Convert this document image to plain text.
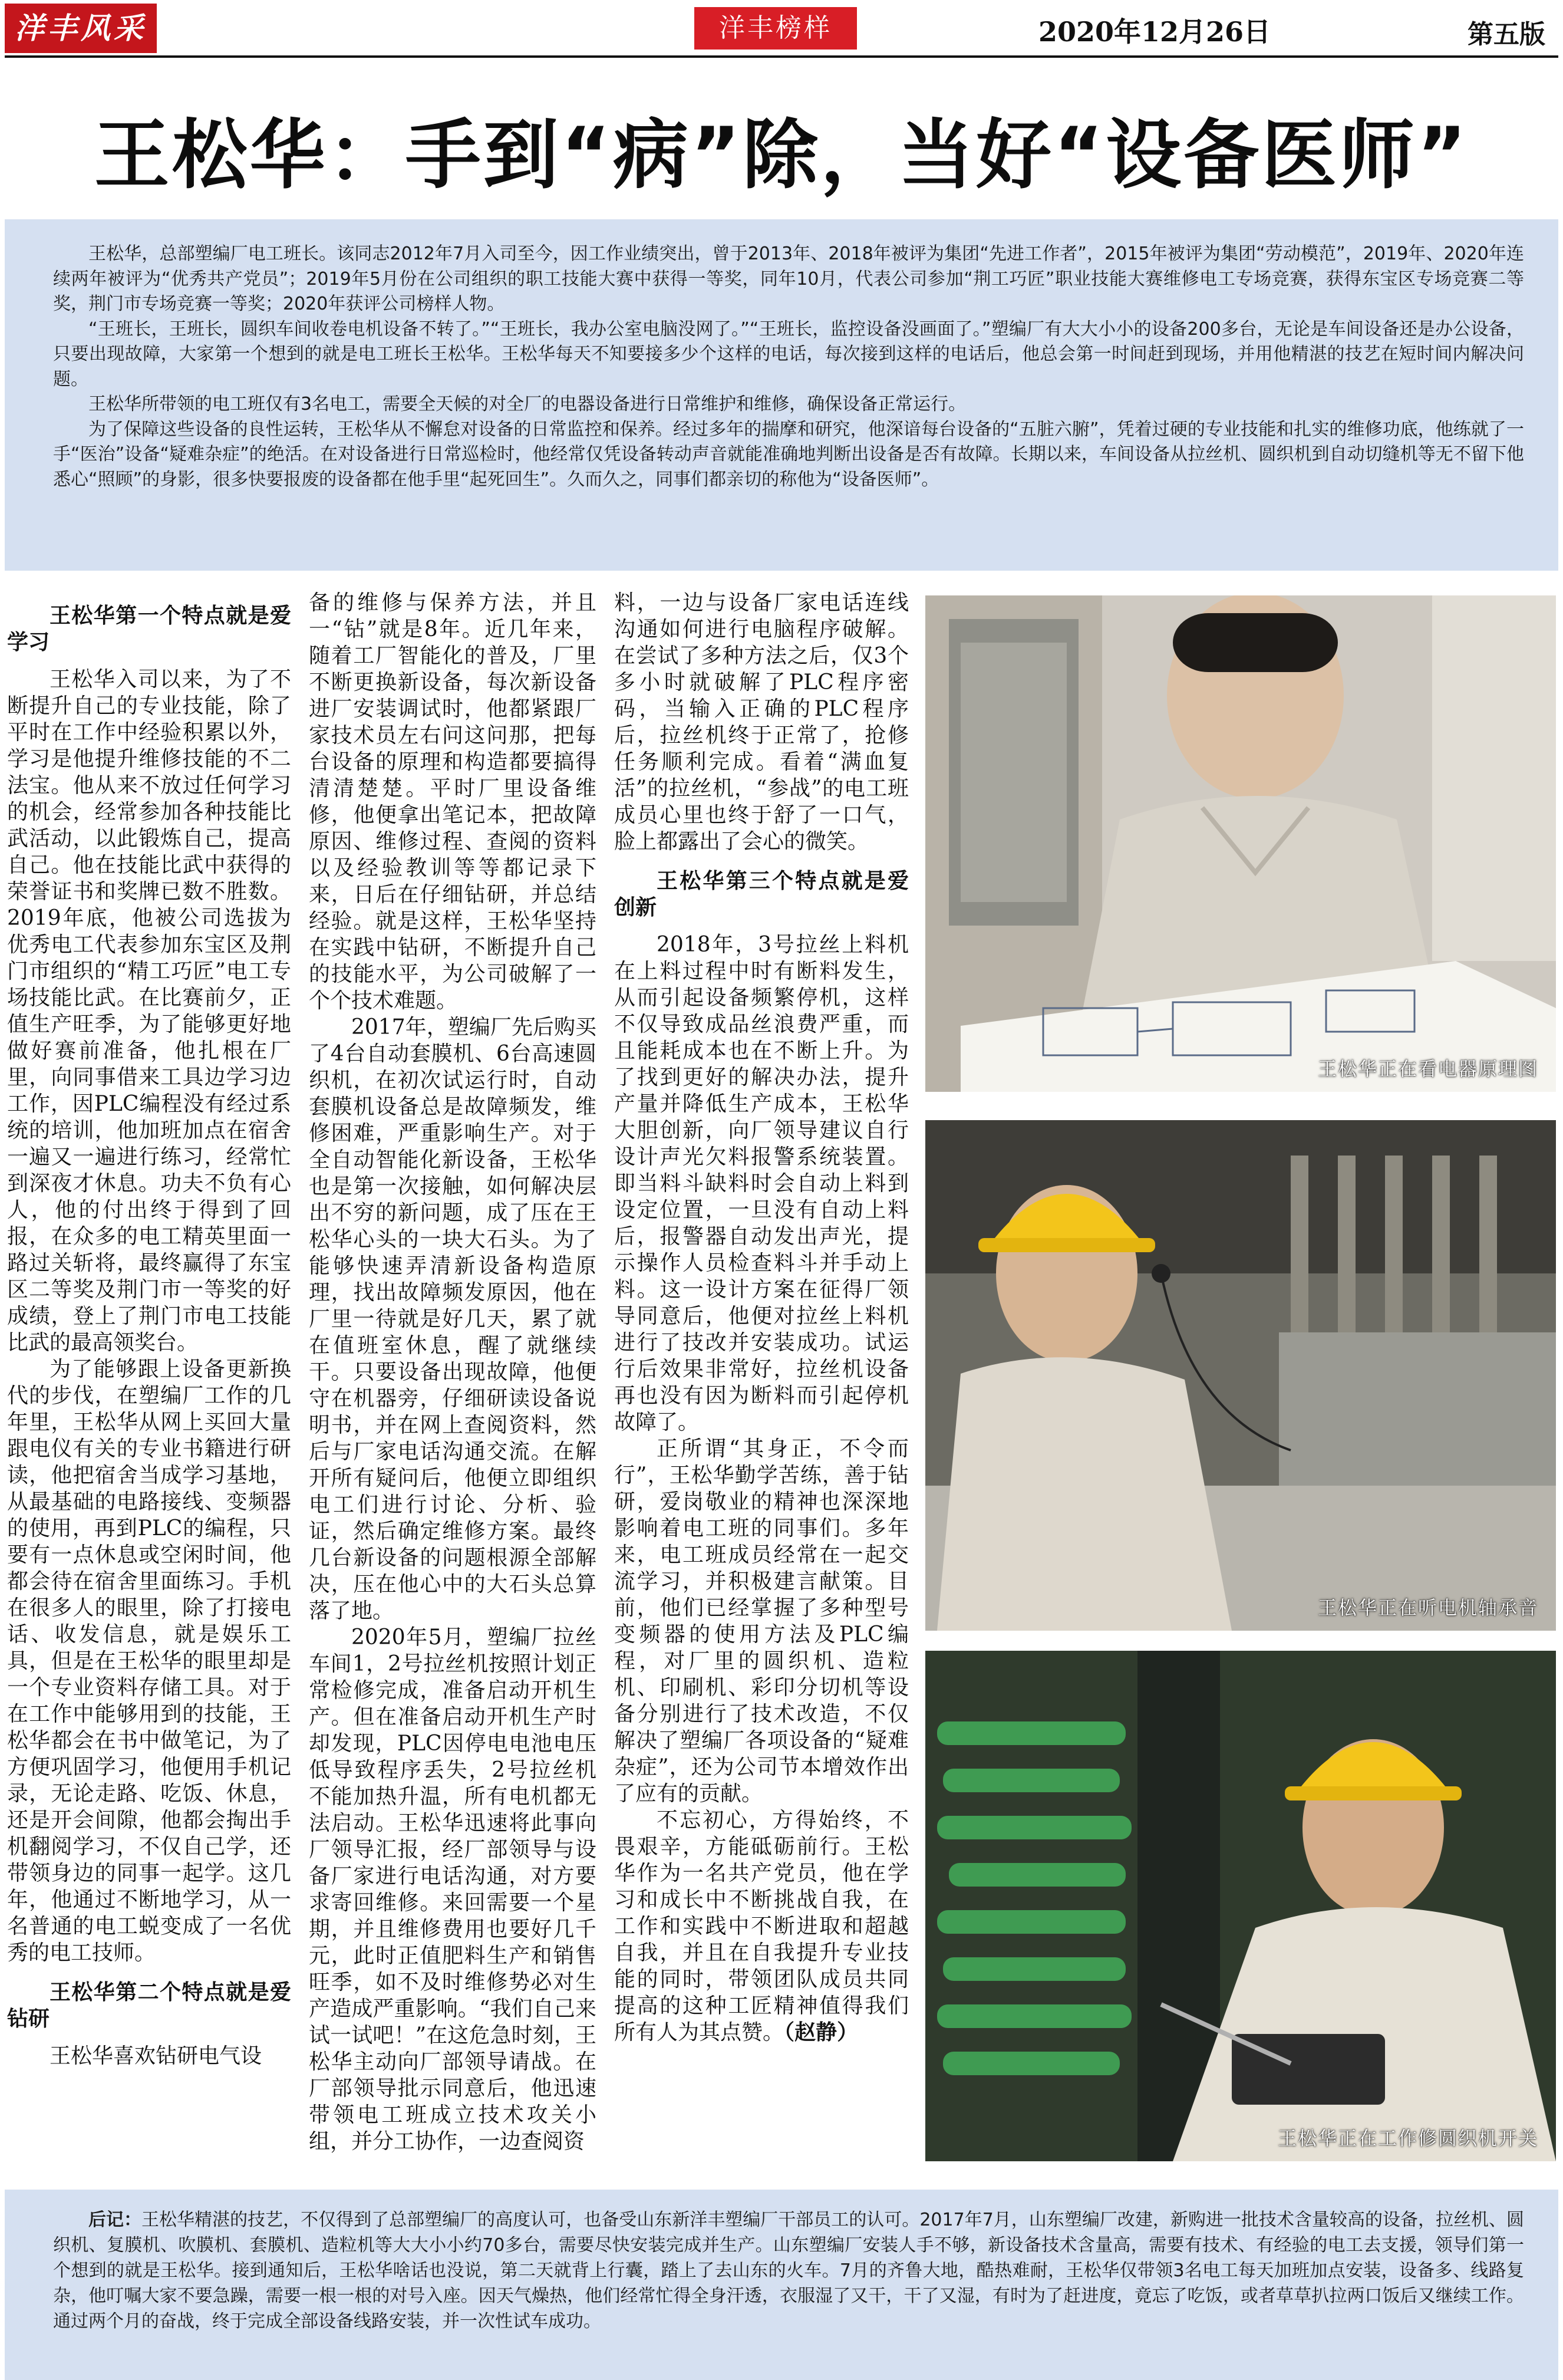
洋丰风采	洋丰榜样	2020年12月26日	第五版
王松华：手到“病”除，当好“设备医师”

王松华，总部塑编厂电工班长。该同志2012年7月入司至今，因工作业绩突出，曾于2013年、2018年被评为集团“先进工作者”，2015年被评为集团“劳动模范”，2019年、2020年连续两年被评为“优秀共产党员”；2019年5月份在公司组织的职工技能大赛中获得一等奖，同年10月，代表公司参加“荆工巧匠”职业技能大赛维修电工专场竞赛，获得东宝区专场竞赛二等奖，荆门市专场竞赛一等奖；2020年获评公司榜样人物。

“王班长，王班长，圆织车间收卷电机设备不转了。”“王班长，我办公室电脑没网了。”“王班长，监控设备没画面了。”塑编厂有大大小小的设备200多台，无论是车间设备还是办公设备，只要出现故障，大家第一个想到的就是电工班长王松华。王松华每天不知要接多少个这样的电话，每次接到这样的电话后，他总会第一时间赶到现场，并用他精湛的技艺在短时间内解决问题。

王松华所带领的电工班仅有3名电工，需要全天候的对全厂的电器设备进行日常维护和维修，确保设备正常运行。

为了保障这些设备的良性运转，王松华从不懈怠对设备的日常监控和保养。经过多年的揣摩和研究，他深谙每台设备的“五脏六腑”，凭着过硬的专业技能和扎实的维修功底，他练就了一手“医治”设备“疑难杂症”的绝活。在对设备进行日常巡检时，他经常仅凭设备转动声音就能准确地判断出设备是否有故障。长期以来，车间设备从拉丝机、圆织机到自动切缝机等无不留下他悉心“照顾”的身影，很多快要报废的设备都在他手里“起死回生”。久而久之，同事们都亲切的称他为“设备医师”。

王松华第一个特点就是爱学习

王松华入司以来，为了不断提升自己的专业技能，除了平时在工作中经验积累以外，学习是他提升维修技能的不二法宝。他从来不放过任何学习的机会，经常参加各种技能比武活动，以此锻炼自己，提高自己。他在技能比武中获得的荣誉证书和奖牌已数不胜数。2019年底，他被公司选拔为优秀电工代表参加东宝区及荆门市组织的“精工巧匠”电工专场技能比武。在比赛前夕，正值生产旺季，为了能够更好地做好赛前准备，他扎根在厂里，向同事借来工具边学习边工作，因PLC编程没有经过系统的培训，他加班加点在宿舍一遍又一遍进行练习，经常忙到深夜才休息。功夫不负有心人，他的付出终于得到了回报，在众多的电工精英里面一路过关斩将，最终赢得了东宝区二等奖及荆门市一等奖的好成绩，登上了荆门市电工技能比武的最高领奖台。

为了能够跟上设备更新换代的步伐，在塑编厂工作的几年里，王松华从网上买回大量跟电仪有关的专业书籍进行研读，他把宿舍当成学习基地，从最基础的电路接线、变频器的使用，再到PLC的编程，只要有一点休息或空闲时间，他都会待在宿舍里面练习。手机在很多人的眼里，除了打接电话、收发信息，就是娱乐工具，但是在王松华的眼里却是一个专业资料存储工具。对于在工作中能够用到的技能，王松华都会在书中做笔记，为了方便巩固学习，他便用手机记录，无论走路、吃饭、休息，还是开会间隙，他都会掏出手机翻阅学习，不仅自己学，还带领身边的同事一起学。这几年，他通过不断地学习，从一名普通的电工蜕变成了一名优秀的电工技师。

王松华第二个特点就是爱钻研

王松华喜欢钻研电气设

备的维修与保养方法，并且一“钻”就是8年。近几年来，随着工厂智能化的普及，厂里不断更换新设备，每次新设备进厂安装调试时，他都紧跟厂家技术员左右问这问那，把每台设备的原理和构造都要搞得清清楚楚。平时厂里设备维修，他便拿出笔记本，把故障原因、维修过程、查阅的资料以及经验教训等等都记录下来，日后在仔细钻研，并总结经验。就是这样，王松华坚持在实践中钻研，不断提升自己的技能水平，为公司破解了一个个技术难题。

2017年，塑编厂先后购买了4台自动套膜机、6台高速圆织机，在初次试运行时，自动套膜机设备总是故障频发，维修困难，严重影响生产。对于全自动智能化新设备，王松华也是第一次接触，如何解决层出不穷的新问题，成了压在王松华心头的一块大石头。为了能够快速弄清新设备构造原理，找出故障频发原因，他在厂里一待就是好几天，累了就在值班室休息，醒了就继续干。只要设备出现故障，他便守在机器旁，仔细研读设备说明书，并在网上查阅资料，然后与厂家电话沟通交流。在解开所有疑问后，他便立即组织电工们进行讨论、分析、验证，然后确定维修方案。最终几台新设备的问题根源全部解决，压在他心中的大石头总算落了地。

2020年5月，塑编厂拉丝车间1，2号拉丝机按照计划正常检修完成，准备启动开机生产。但在准备启动开机生产时却发现，PLC因停电电池电压低导致程序丢失，2号拉丝机不能加热升温，所有电机都无法启动。王松华迅速将此事向厂领导汇报，经厂部领导与设备厂家进行电话沟通，对方要求寄回维修。来回需要一个星期，并且维修费用也要好几千元，此时正值肥料生产和销售旺季，如不及时维修势必对生产造成严重影响。“我们自己来试一试吧！”在这危急时刻，王松华主动向厂部领导请战。在厂部领导批示同意后，他迅速带领电工班成立技术攻关小组，并分工协作，一边查阅资

料，一边与设备厂家电话连线沟通如何进行电脑程序破解。在尝试了多种方法之后，仅3个多小时就破解了PLC程序密码，当输入正确的PLC程序后，拉丝机终于正常了，抢修任务顺利完成。看着“满血复活”的拉丝机，“参战”的电工班成员心里也终于舒了一口气，脸上都露出了会心的微笑。

王松华第三个特点就是爱创新

2018年，3号拉丝上料机在上料过程中时有断料发生，从而引起设备频繁停机，这样不仅导致成品丝浪费严重，而且能耗成本也在不断上升。为了找到更好的解决办法，提升产量并降低生产成本，王松华大胆创新，向厂领导建议自行设计声光欠料报警系统装置。即当料斗缺料时会自动上料到设定位置，一旦没有自动上料后，报警器自动发出声光，提示操作人员检查料斗并手动上料。这一设计方案在征得厂领导同意后，他便对拉丝上料机进行了技改并安装成功。试运行后效果非常好，拉丝机设备再也没有因为断料而引起停机故障了。

正所谓“其身正，不令而行”，王松华勤学苦练，善于钻研，爱岗敬业的精神也深深地影响着电工班的同事们。多年来，电工班成员经常在一起交流学习，并积极建言献策。目前，他们已经掌握了多种型号变频器的使用方法及PLC编程，对厂里的圆织机、造粒机、印刷机、彩印分切机等设备分别进行了技术改造，不仅解决了塑编厂各项设备的“疑难杂症”，还为公司节本增效作出了应有的贡献。

不忘初心，方得始终，不畏艰辛，方能砥砺前行。王松华作为一名共产党员，他在学习和成长中不断挑战自我，在工作和实践中不断进取和超越自我，并且在自我提升专业技能的同时，带领团队成员共同提高的这种工匠精神值得我们所有人为其点赞。（赵静）

王松华正在看电器原理图
王松华正在听电机轴承音
王松华正在工作修圆织机开关

后记：王松华精湛的技艺，不仅得到了总部塑编厂的高度认可，也备受山东新洋丰塑编厂干部员工的认可。2017年7月，山东塑编厂改建，新购进一批技术含量较高的设备，拉丝机、圆织机、复膜机、吹膜机、套膜机、造粒机等大大小小约70多台，需要尽快安装完成并生产。山东塑编厂安装人手不够，新设备技术含量高，需要有技术、有经验的电工去支援，领导们第一个想到的就是王松华。接到通知后，王松华啥话也没说，第二天就背上行囊，踏上了去山东的火车。7月的齐鲁大地，酷热难耐，王松华仅带领3名电工每天加班加点安装，设备多、线路复杂，他叮嘱大家不要急躁，需要一根一根的对号入座。因天气燥热，他们经常忙得全身汗透，衣服湿了又干，干了又湿，有时为了赶进度，竟忘了吃饭，或者草草扒拉两口饭后又继续工作。通过两个月的奋战，终于完成全部设备线路安装，并一次性试车成功。
